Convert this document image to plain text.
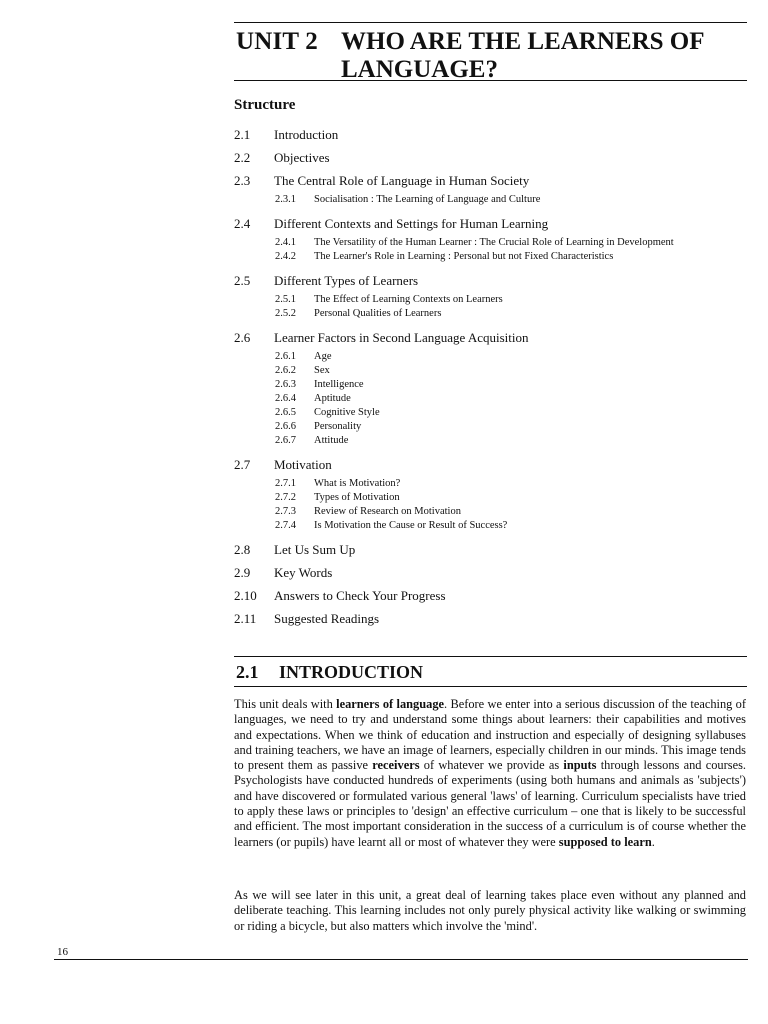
UNIT 2 WHO ARE THE LEARNERS OF LANGUAGE?
Structure
2.1 Introduction
2.2 Objectives
2.3 The Central Role of Language in Human Society
2.3.1 Socialisation : The Learning of Language and Culture
2.4 Different Contexts and Settings for Human Learning
2.4.1 The Versatility of the Human Learner : The Crucial Role of Learning in Development
2.4.2 The Learner's Role in Learning : Personal but not Fixed Characteristics
2.5 Different Types of Learners
2.5.1 The Effect of Learning Contexts on Learners
2.5.2 Personal Qualities of Learners
2.6 Learner Factors in Second Language Acquisition
2.6.1 Age
2.6.2 Sex
2.6.3 Intelligence
2.6.4 Aptitude
2.6.5 Cognitive Style
2.6.6 Personality
2.6.7 Attitude
2.7 Motivation
2.7.1 What is Motivation?
2.7.2 Types of Motivation
2.7.3 Review of Research on Motivation
2.7.4 Is Motivation the Cause or Result of Success?
2.8 Let Us Sum Up
2.9 Key Words
2.10 Answers to Check Your Progress
2.11 Suggested Readings
2.1 INTRODUCTION
This unit deals with learners of language. Before we enter into a serious discussion of the teaching of languages, we need to try and understand some things about learners: their capabilities and motives and expectations. When we think of education and instruction and especially of designing syllabuses and training teachers, we have an image of learners, especially children in our minds. This image tends to present them as passive receivers of whatever we provide as inputs through lessons and courses. Psychologists have conducted hundreds of experiments (using both humans and animals as 'subjects') and have discovered or formulated various general 'laws' of learning. Curriculum specialists have tried to apply these laws or principles to 'design' an effective curriculum – one that is likely to be successful and efficient. The most important consideration in the success of a curriculum is of course whether the learners (or pupils) have learnt all or most of whatever they were supposed to learn.
As we will see later in this unit, a great deal of learning takes place even without any planned and deliberate teaching. This learning includes not only purely physical activity like walking or swimming or riding a bicycle, but also matters which involve the 'mind'.
16
